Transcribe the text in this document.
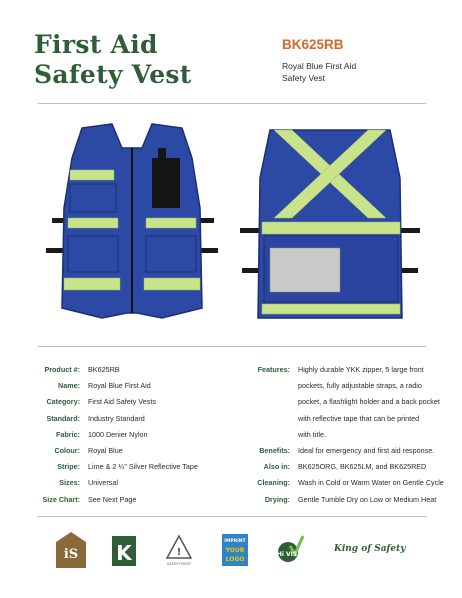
First Aid
Safety Vest
BK625RB
Royal Blue First Aid
Safety Vest
Product #: BK625RB
Name: Royal Blue First Aid
Category: First Aid Safety Vests
Standard: Industry Standard
Fabric: 1000 Denier Nylon
Colour: Royal Blue
Stripe: Lime & 2 ¼" Silver Reflective Tape
Sizes: Universal
Size Chart: See Next Page
Features: Highly durable YKK zipper, 5 large front
pockets, fully adjustable straps, a radio
pocket, a flashlight holder and a back pocket
with reflective tape that can be printed
with title.
Benefits: Ideal for emergency and first aid response.
Also in: BK625ORG, BK625LM, and BK625RED
Cleaning: Wash in Cold or Warm Water on Gentle Cycle
Drying: Gentle Tumble Dry on Low or Medium Heat
iS K	!
SAFETY FIRST
IMPRINT
YOUR
LOGO
Hi VIS
King of Safety
